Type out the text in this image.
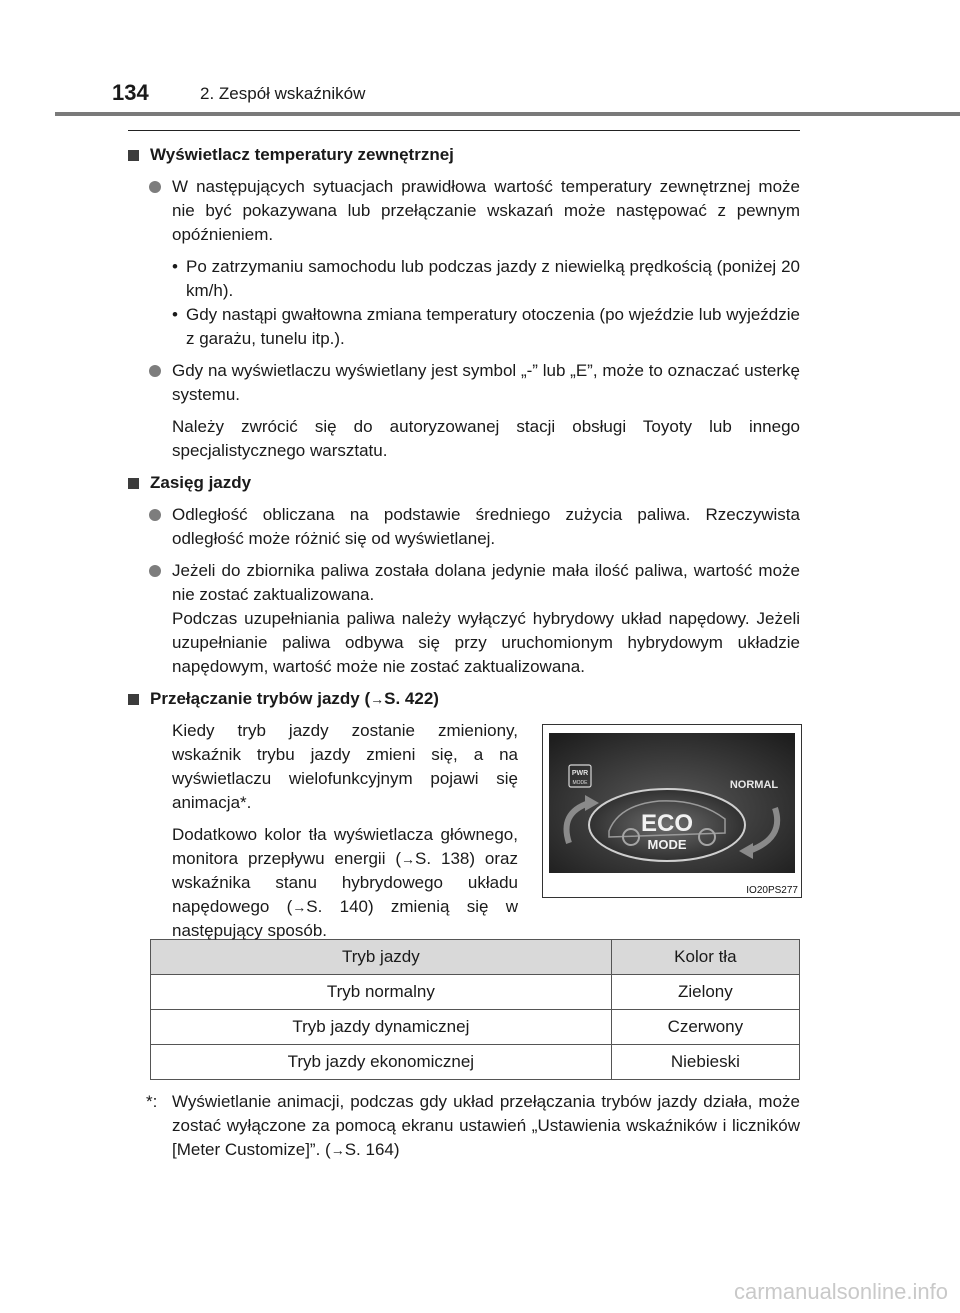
134	2. Zespół wskaźników
Wyświetlacz temperatury zewnętrznej
W następujących sytuacjach prawidłowa wartość temperatury zewnętrznej może nie być pokazywana lub przełączanie wskazań może następować z pewnym opóźnieniem.
• Po zatrzymaniu samochodu lub podczas jazdy z niewielką prędkością (poniżej 20 km/h).
• Gdy nastąpi gwałtowna zmiana temperatury otoczenia (po wjeździe lub wyjeździe z garażu, tunelu itp.).
Gdy na wyświetlaczu wyświetlany jest symbol „-” lub „E”, może to oznaczać usterkę systemu.
Należy zwrócić się do autoryzowanej stacji obsługi Toyoty lub innego specjalistycznego warsztatu.
Zasięg jazdy
Odległość obliczana na podstawie średniego zużycia paliwa. Rzeczywista odległość może różnić się od wyświetlanej.
Jeżeli do zbiornika paliwa została dolana jedynie mała ilość paliwa, wartość może nie zostać zaktualizowana.
Podczas uzupełniania paliwa należy wyłączyć hybrydowy układ napędowy. Jeżeli uzupełnianie paliwa odbywa się przy uruchomionym hybrydowym układzie napędowym, wartość może nie zostać zaktualizowana.
Przełączanie trybów jazdy (→S. 422)

Kiedy tryb jazdy zostanie zmieniony, wskaźnik trybu jazdy zmieni się, a na wyświetlaczu wielofunkcyjnym pojawi się animacja*.

Dodatkowo kolor tła wyświetlacza głównego, monitora przepływu energii (→S. 138) oraz wskaźnika stanu hybrydowego układu napędowego (→S. 140) zmienią się w następujący sposób.

PWR
MODE	NORMAL
ECO
MODE
IO20PS277
Tryb jazdy	Kolor tła
Tryb normalny	Zielony
Tryb jazdy dynamicznej	Czerwony
Tryb jazdy ekonomicznej	Niebieski
*: Wyświetlanie animacji, podczas gdy układ przełączania trybów jazdy działa, może zostać wyłączone za pomocą ekranu ustawień „Ustawienia wskaźników i liczników [Meter Customize]”. (→S. 164)
carmanualsonline.info
